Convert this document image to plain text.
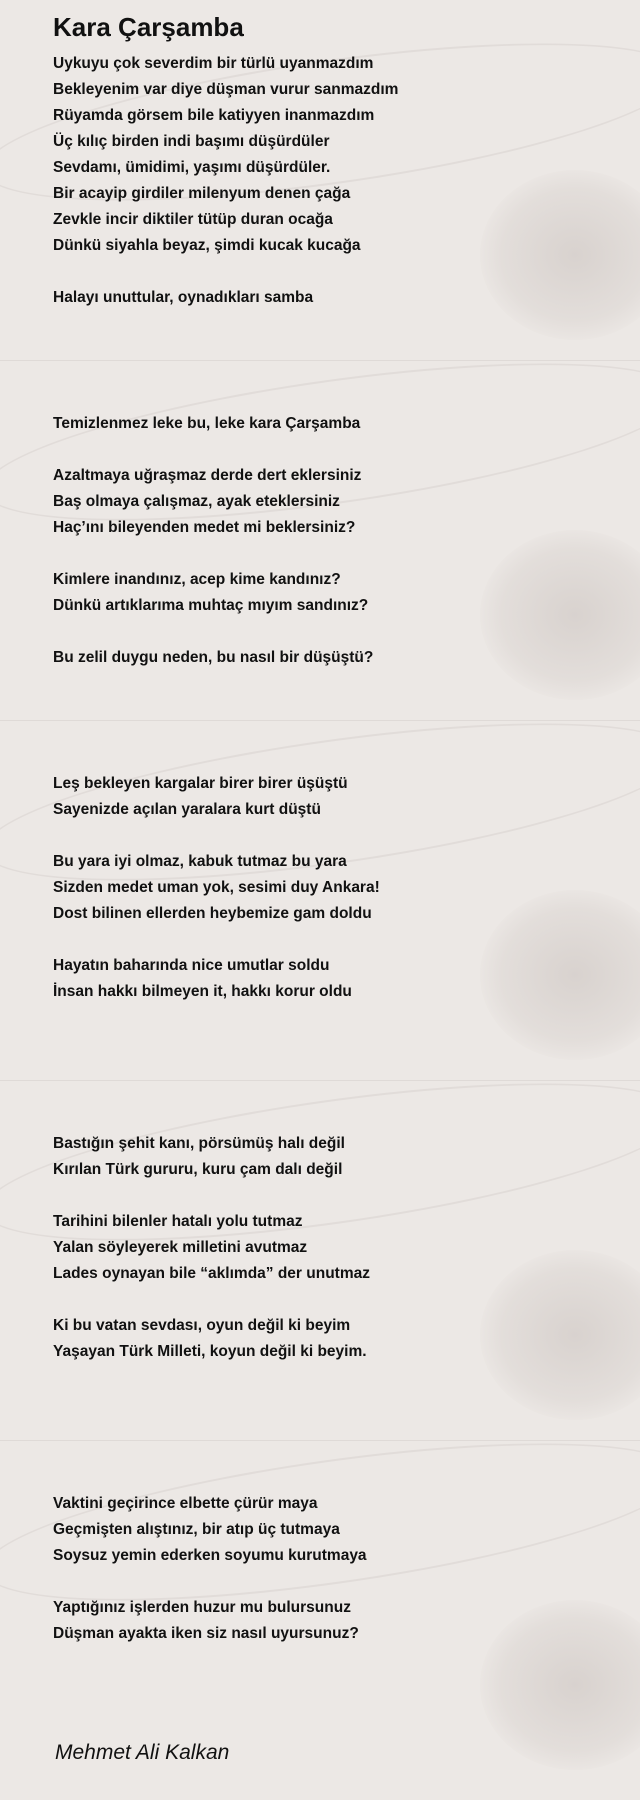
Kara Çarşamba
Uykuyu çok severdim bir türlü uyanmazdım
Bekleyenim var diye düşman vurur sanmazdım
Rüyamda görsem bile katiyyen inanmazdım
Üç kılıç birden indi başımı düşürdüler
Sevdamı, ümidimi, yaşımı düşürdüler.
Bir acayip girdiler milenyum denen çağa
Zevkle incir diktiler tütüp duran ocağa
Dünkü siyahla beyaz, şimdi kucak kucağa
Halayı unuttular, oynadıkları samba
Temizlenmez leke bu, leke kara Çarşamba
Azaltmaya uğraşmaz derde dert eklersiniz
Baş olmaya çalışmaz, ayak eteklersiniz
Haç’ını bileyenden medet mi beklersiniz?
Kimlere inandınız, acep kime kandınız?
Dünkü artıklarıma muhtaç mıyım sandınız?
Bu zelil duygu neden, bu nasıl bir düşüştü?
Leş bekleyen kargalar birer birer üşüştü
Sayenizde açılan yaralara kurt düştü
Bu yara iyi olmaz, kabuk tutmaz bu yara
Sizden medet uman yok, sesimi duy Ankara!
Dost bilinen ellerden heybemize gam doldu
Hayatın baharında nice umutlar soldu
İnsan hakkı bilmeyen it, hakkı korur oldu
Bastığın şehit kanı, pörsümüş halı değil
Kırılan Türk gururu, kuru çam dalı değil
Tarihini bilenler hatalı yolu tutmaz
Yalan söyleyerek milletini avutmaz
Lades oynayan bile “aklımda” der unutmaz
Ki bu vatan sevdası, oyun değil ki beyim
Yaşayan Türk Milleti, koyun değil ki beyim.
Vaktini geçirince elbette çürür maya
Geçmişten alıştınız, bir atıp üç tutmaya
Soysuz yemin ederken soyumu kurutmaya
Yaptığınız işlerden huzur mu bulursunuz
Düşman ayakta iken siz nasıl uyursunuz?
Mehmet Ali Kalkan
